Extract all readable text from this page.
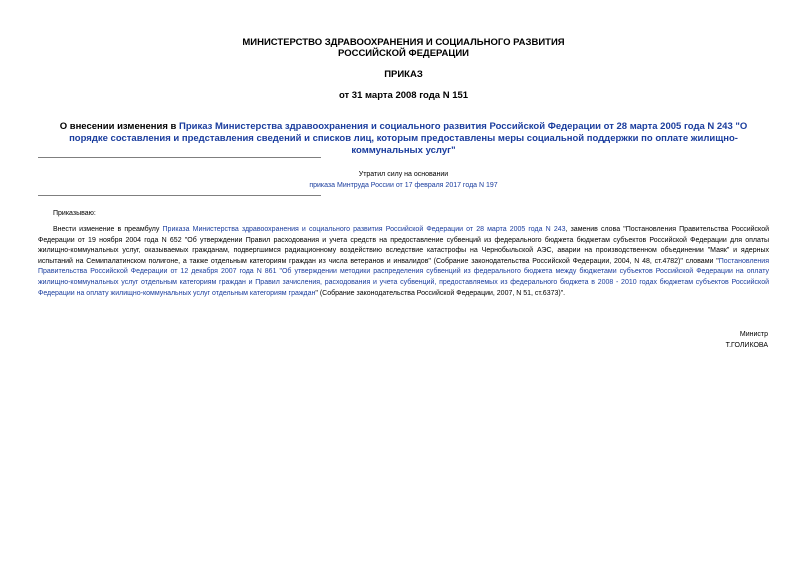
МИНИСТЕРСТВО ЗДРАВООХРАНЕНИЯ И СОЦИАЛЬНОГО РАЗВИТИЯ
РОССИЙСКОЙ ФЕДЕРАЦИИ
ПРИКАЗ
от 31 марта 2008 года N 151
О внесении изменения в Приказ Министерства здравоохранения и социального развития Российской Федерации от 28 марта 2005 года N 243 "О порядке составления и представления сведений и списков лиц, которым предоставлены меры социальной поддержки по оплате жилищно-коммунальных услуг"
Утратил силу на основании
приказа Минтруда России от 17 февраля 2017 года N 197
Приказываю:
Внести изменение в преамбулу Приказа Министерства здравоохранения и социального развития Российской Федерации от 28 марта 2005 года N 243, заменив слова "Постановления Правительства Российской Федерации от 19 ноября 2004 года N 652 "Об утверждении Правил расходования и учета средств на предоставление субвенций из федерального бюджета бюджетам субъектов Российской Федерации для оплаты жилищно-коммунальных услуг, оказываемых гражданам, подвергшимся радиационному воздействию вследствие катастрофы на Чернобыльской АЭС, аварии на производственном объединении "Маяк" и ядерных испытаний на Семипалатинском полигоне, а также отдельным категориям граждан из числа ветеранов и инвалидов" (Собрание законодательства Российской Федерации, 2004, N 48, ст.4782)" словами "Постановления Правительства Российской Федерации от 12 декабря 2007 года N 861 "Об утверждении методики распределения субвенций из федерального бюджета между бюджетами субъектов Российской Федерации на оплату жилищно-коммунальных услуг отдельным категориям граждан и Правил зачисления, расходования и учета субвенций, предоставляемых из федерального бюджета в 2008 - 2010 годах бюджетам субъектов Российской Федерации на оплату жилищно-коммунальных услуг отдельным категориям граждан" (Собрание законодательства Российской Федерации, 2007, N 51, ст.6373)".
Министр
Т.ГОЛИКОВА
